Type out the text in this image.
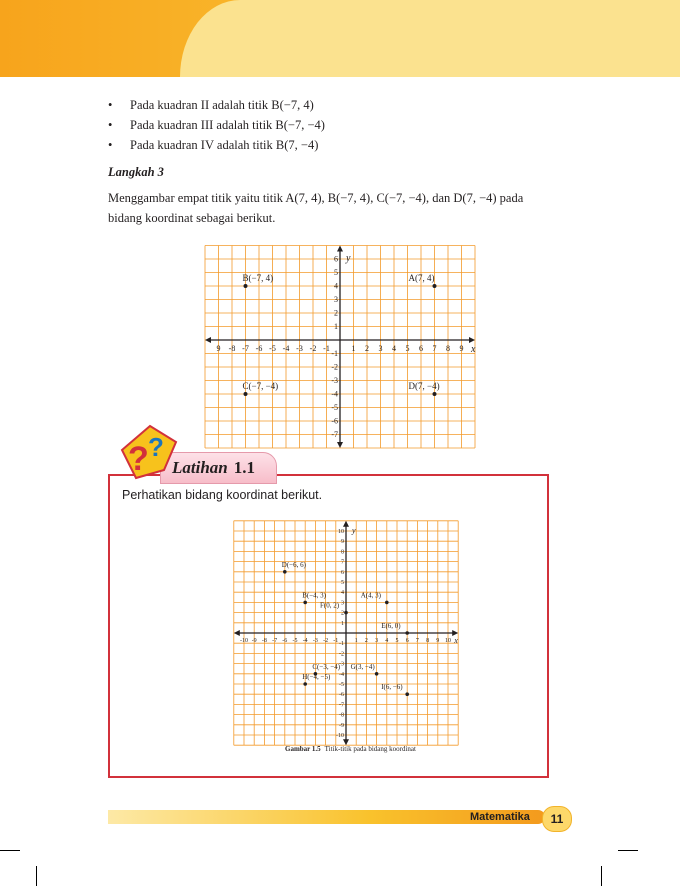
• Pada kuadran II adalah titik B(−7, 4)
• Pada kuadran III adalah titik B(−7, −4)
• Pada kuadran IV adalah titik B(7, −4)
Langkah 3
Menggambar empat titik yaitu titik A(7, 4), B(−7, 4), C(−7, −4), dan D(7, −4) pada bidang koordinat sebagai berikut.
9 -8 -7 -6 -5 -4 -3 -2 -1	1 2 3 4 5 6 7 8 9
6
5
4
3
2
1
-1
-2
-3
-4
-5
-6
-7
x
y
A(7, 4)
B(−7, 4)
C(−7, −4)	D(7, −4)
? ?
Latihan 1.1
Perhatikan bidang koordinat berikut.
-10 -9 -8 -7 -6 -5 -4 -3 -2 -1	1 2 3 4 5 6 7 8 9 10
10
9
8
7
6
5
4
3
2
1
-1
-2
-3
-4
-5
-6
-7
-8
-9
-10
x
y
D(−6, 6)
B(−4, 3)	A(4, 3)
F(0, 2)
E(6, 0)
C(−3, −4) G(3, −4)
H(−4, −5)
I(6, −6)
Gambar 1.5 Titik-titik pada bidang koordinat
Matematika	11
